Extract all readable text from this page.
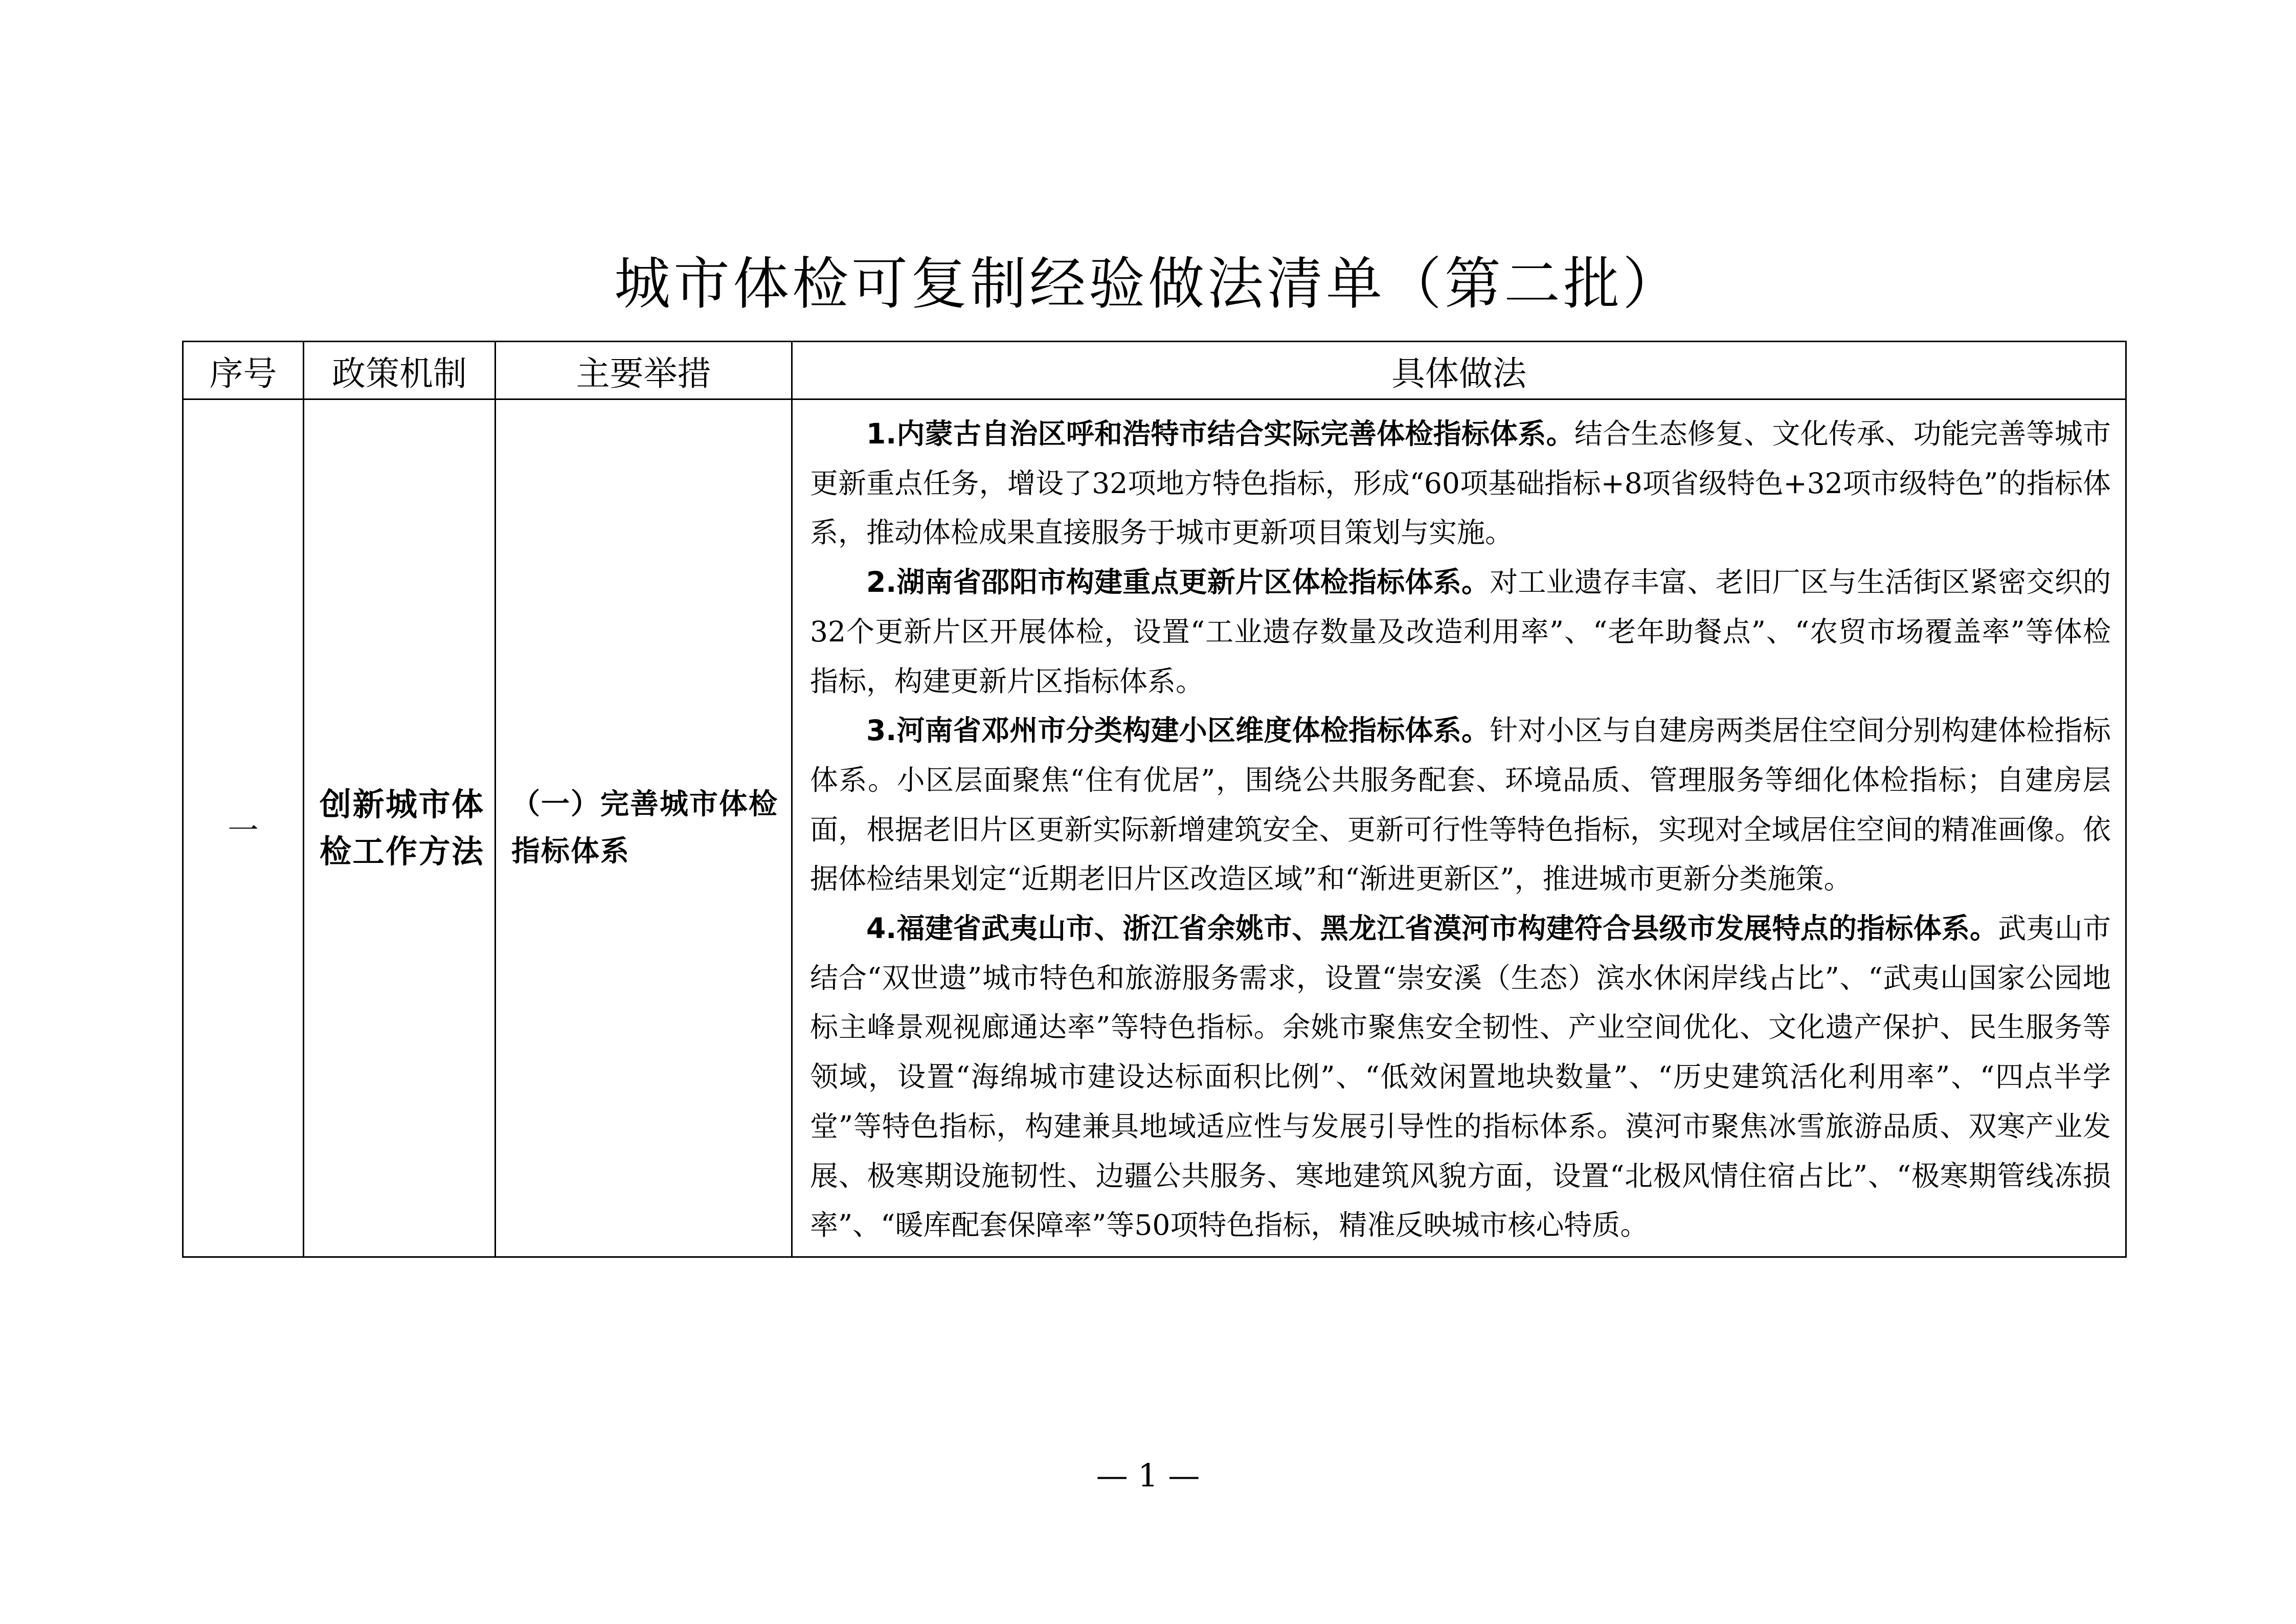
城市体检可复制经验做法清单（第二批）
序号	政策机制	主要举措	具体做法
一	创新城市体检工作方法	（一）完善城市体检指标体系	1.内蒙古自治区呼和浩特市结合实际完善体检指标体系。结合生态修复、文化传承、功能完善等城市更新重点任务，增设了32项地方特色指标，形成“60项基础指标+8项省级特色+32项市级特色”的指标体系，推动体检成果直接服务于城市更新项目策划与实施。

2.湖南省邵阳市构建重点更新片区体检指标体系。对工业遗存丰富、老旧厂区与生活街区紧密交织的32个更新片区开展体检，设置“工业遗存数量及改造利用率”、“老年助餐点”、“农贸市场覆盖率”等体检指标，构建更新片区指标体系。

3.河南省邓州市分类构建小区维度体检指标体系。针对小区与自建房两类居住空间分别构建体检指标体系。小区层面聚焦“住有优居”，围绕公共服务配套、环境品质、管理服务等细化体检指标；自建房层面，根据老旧片区更新实际新增建筑安全、更新可行性等特色指标，实现对全域居住空间的精准画像。依据体检结果划定“近期老旧片区改造区域”和“渐进更新区”，推进城市更新分类施策。

4.福建省武夷山市、浙江省余姚市、黑龙江省漠河市构建符合县级市发展特点的指标体系。武夷山市结合“双世遗”城市特色和旅游服务需求，设置“崇安溪（生态）滨水休闲岸线占比”、“武夷山国家公园地标主峰景观视廊通达率”等特色指标。余姚市聚焦安全韧性、产业空间优化、文化遗产保护、民生服务等领域，设置“海绵城市建设达标面积比例”、“低效闲置地块数量”、“历史建筑活化利用率”、“四点半学堂”等特色指标，构建兼具地域适应性与发展引导性的指标体系。漠河市聚焦冰雪旅游品质、双寒产业发展、极寒期设施韧性、边疆公共服务、寒地建筑风貌方面，设置“北极风情住宿占比”、“极寒期管线冻损率”、“暖库配套保障率”等50项特色指标，精准反映城市核心特质。

— 1 —
